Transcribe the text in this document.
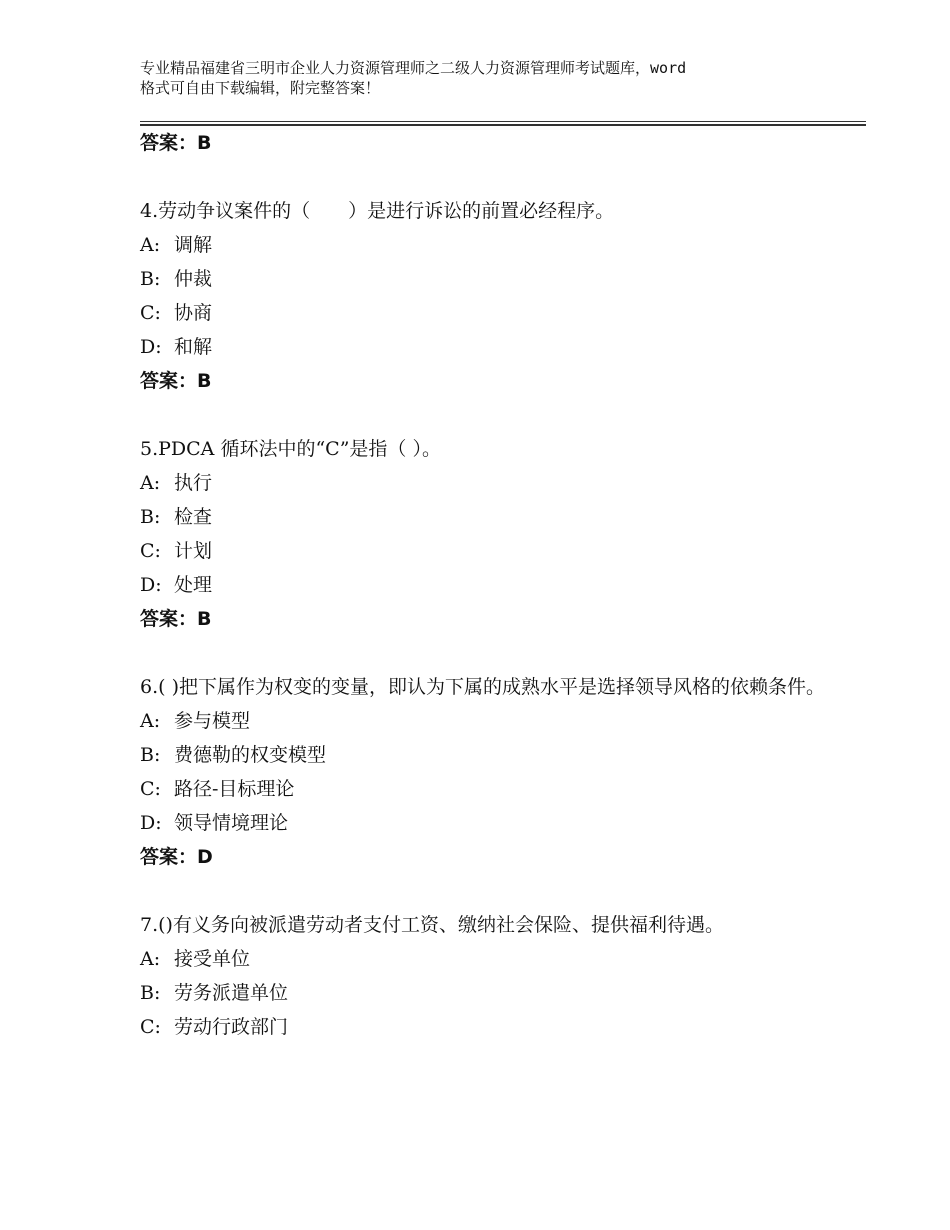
专业精品福建省三明市企业人力资源管理师之二级人力资源管理师考试题库，word
格式可自由下载编辑，附完整答案！
答案：B
4.劳动争议案件的（　　）是进行诉讼的前置必经程序。
A: 调解
B: 仲裁
C: 协商
D: 和解
答案：B
5.PDCA 循环法中的“C”是指（ ）。
A: 执行
B: 检查
C: 计划
D: 处理
答案：B
6.( )把下属作为权变的变量，即认为下属的成熟水平是选择领导风格的依赖条件。
A: 参与模型
B: 费德勒的权变模型
C: 路径-目标理论
D: 领导情境理论
答案：D
7.()有义务向被派遣劳动者支付工资、缴纳社会保险、提供福利待遇。
A: 接受单位
B: 劳务派遣单位
C: 劳动行政部门
